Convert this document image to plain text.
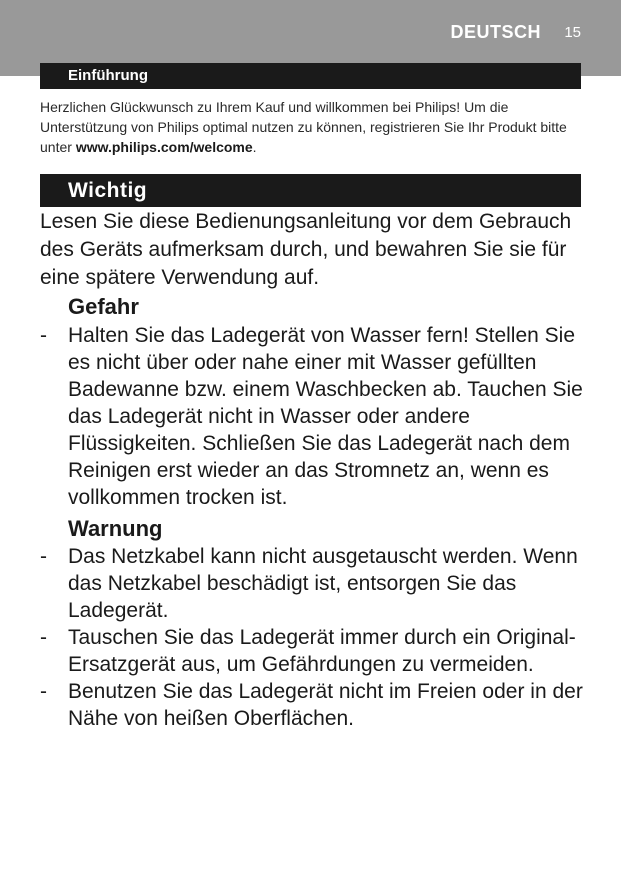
DEUTSCH 15
Einführung
Herzlichen Glückwunsch zu Ihrem Kauf und willkommen bei Philips! Um die Unterstützung von Philips optimal nutzen zu können, registrieren Sie Ihr Produkt bitte unter www.philips.com/welcome.
Wichtig
Lesen Sie diese Bedienungsanleitung vor dem Gebrauch des Geräts aufmerksam durch, und bewahren Sie sie für eine spätere Verwendung auf.
Gefahr
- Halten Sie das Ladegerät von Wasser fern! Stellen Sie es nicht über oder nahe einer mit Wasser gefüllten Badewanne bzw. einem Waschbecken ab. Tauchen Sie das Ladegerät nicht in Wasser oder andere Flüssigkeiten. Schließen Sie das Ladegerät nach dem Reinigen erst wieder an das Stromnetz an, wenn es vollkommen trocken ist.
Warnung
- Das Netzkabel kann nicht ausgetauscht werden. Wenn das Netzkabel beschädigt ist, entsorgen Sie das Ladegerät.
- Tauschen Sie das Ladegerät immer durch ein Original-Ersatzgerät aus, um Gefährdungen zu vermeiden.
- Benutzen Sie das Ladegerät nicht im Freien oder in der Nähe von heißen Oberflächen.
